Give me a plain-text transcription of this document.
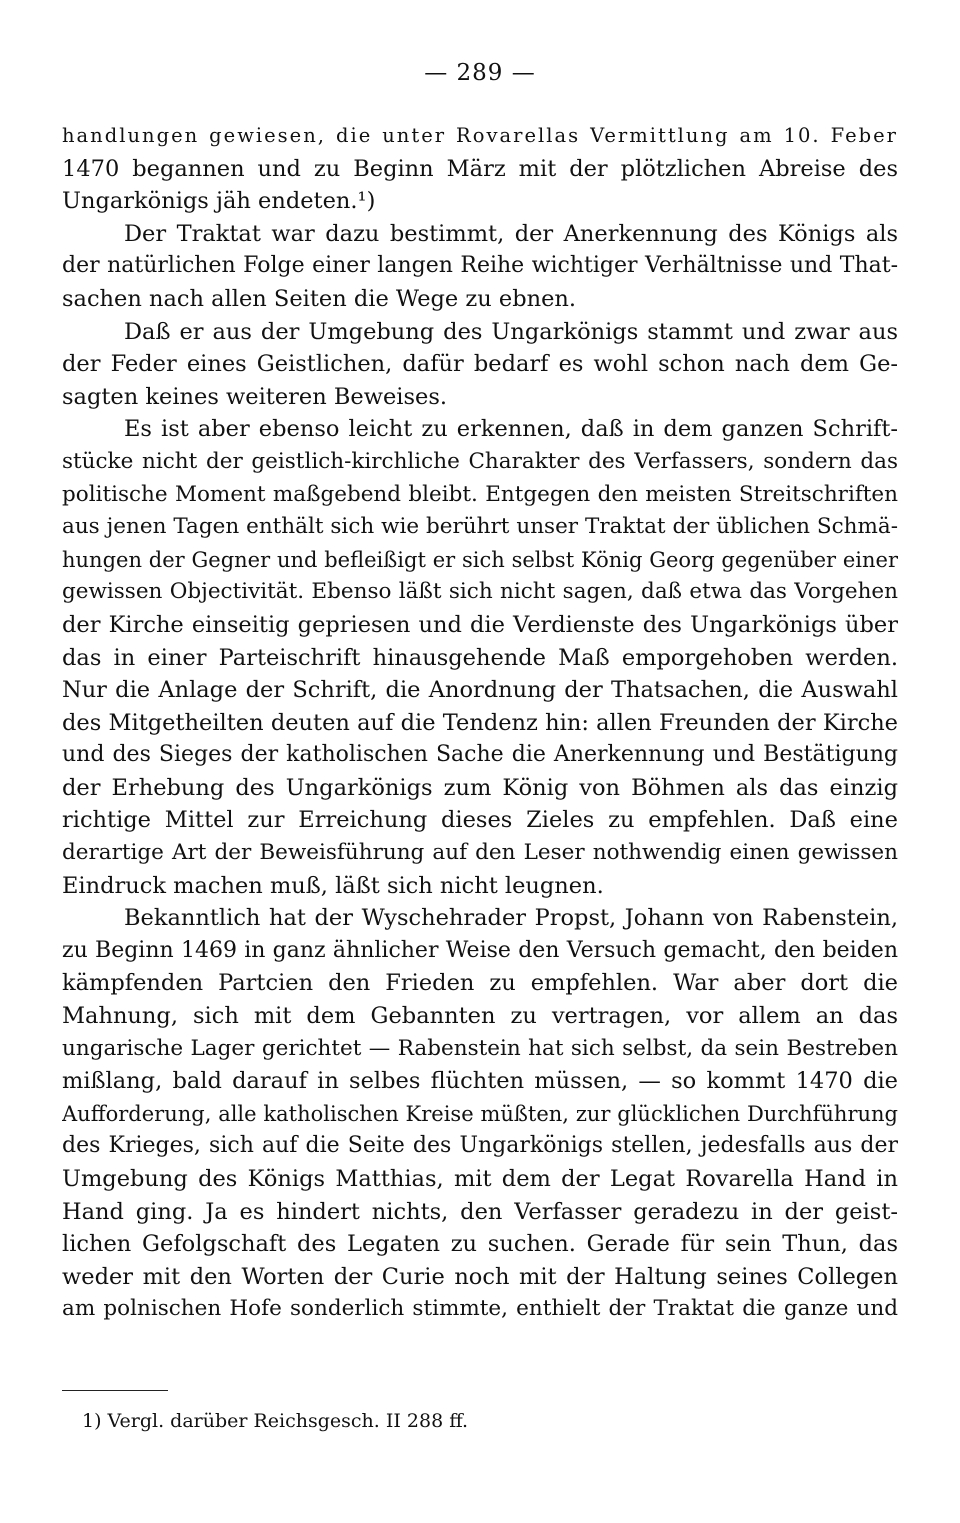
— 289 —
handlungen gewiesen, die unter Rovarellas Vermittlung am 10. Feber
1470 begannen und zu Beginn März mit der plötzlichen Abreise des
Ungarkönigs jäh endeten.¹)
Der Traktat war dazu bestimmt, der Anerkennung des Königs als
der natürlichen Folge einer langen Reihe wichtiger Verhältnisse und That-
sachen nach allen Seiten die Wege zu ebnen.
Daß er aus der Umgebung des Ungarkönigs stammt und zwar aus
der Feder eines Geistlichen, dafür bedarf es wohl schon nach dem Ge-
sagten keines weiteren Beweises.
Es ist aber ebenso leicht zu erkennen, daß in dem ganzen Schrift-
stücke nicht der geistlich-kirchliche Charakter des Verfassers, sondern das
politische Moment maßgebend bleibt. Entgegen den meisten Streitschriften
aus jenen Tagen enthält sich wie berührt unser Traktat der üblichen Schmä-
hungen der Gegner und befleißigt er sich selbst König Georg gegenüber einer
gewissen Objectivität. Ebenso läßt sich nicht sagen, daß etwa das Vorgehen
der Kirche einseitig gepriesen und die Verdienste des Ungarkönigs über
das in einer Parteischrift hinausgehende Maß emporgehoben werden.
Nur die Anlage der Schrift, die Anordnung der Thatsachen, die Auswahl
des Mitgetheilten deuten auf die Tendenz hin: allen Freunden der Kirche
und des Sieges der katholischen Sache die Anerkennung und Bestätigung
der Erhebung des Ungarkönigs zum König von Böhmen als das einzig
richtige Mittel zur Erreichung dieses Zieles zu empfehlen. Daß eine
derartige Art der Beweisführung auf den Leser nothwendig einen gewissen
Eindruck machen muß, läßt sich nicht leugnen.
Bekanntlich hat der Wyschehrader Propst, Johann von Rabenstein,
zu Beginn 1469 in ganz ähnlicher Weise den Versuch gemacht, den beiden
kämpfenden Partcien den Frieden zu empfehlen. War aber dort die
Mahnung, sich mit dem Gebannten zu vertragen, vor allem an das
ungarische Lager gerichtet — Rabenstein hat sich selbst, da sein Bestreben
mißlang, bald darauf in selbes flüchten müssen, — so kommt 1470 die
Aufforderung, alle katholischen Kreise müßten, zur glücklichen Durchführung
des Krieges, sich auf die Seite des Ungarkönigs stellen, jedesfalls aus der
Umgebung des Königs Matthias, mit dem der Legat Rovarella Hand in
Hand ging. Ja es hindert nichts, den Verfasser geradezu in der geist-
lichen Gefolgschaft des Legaten zu suchen. Gerade für sein Thun, das
weder mit den Worten der Curie noch mit der Haltung seines Collegen
am polnischen Hofe sonderlich stimmte, enthielt der Traktat die ganze und
1) Vergl. darüber Reichsgesch. II 288 ff.
